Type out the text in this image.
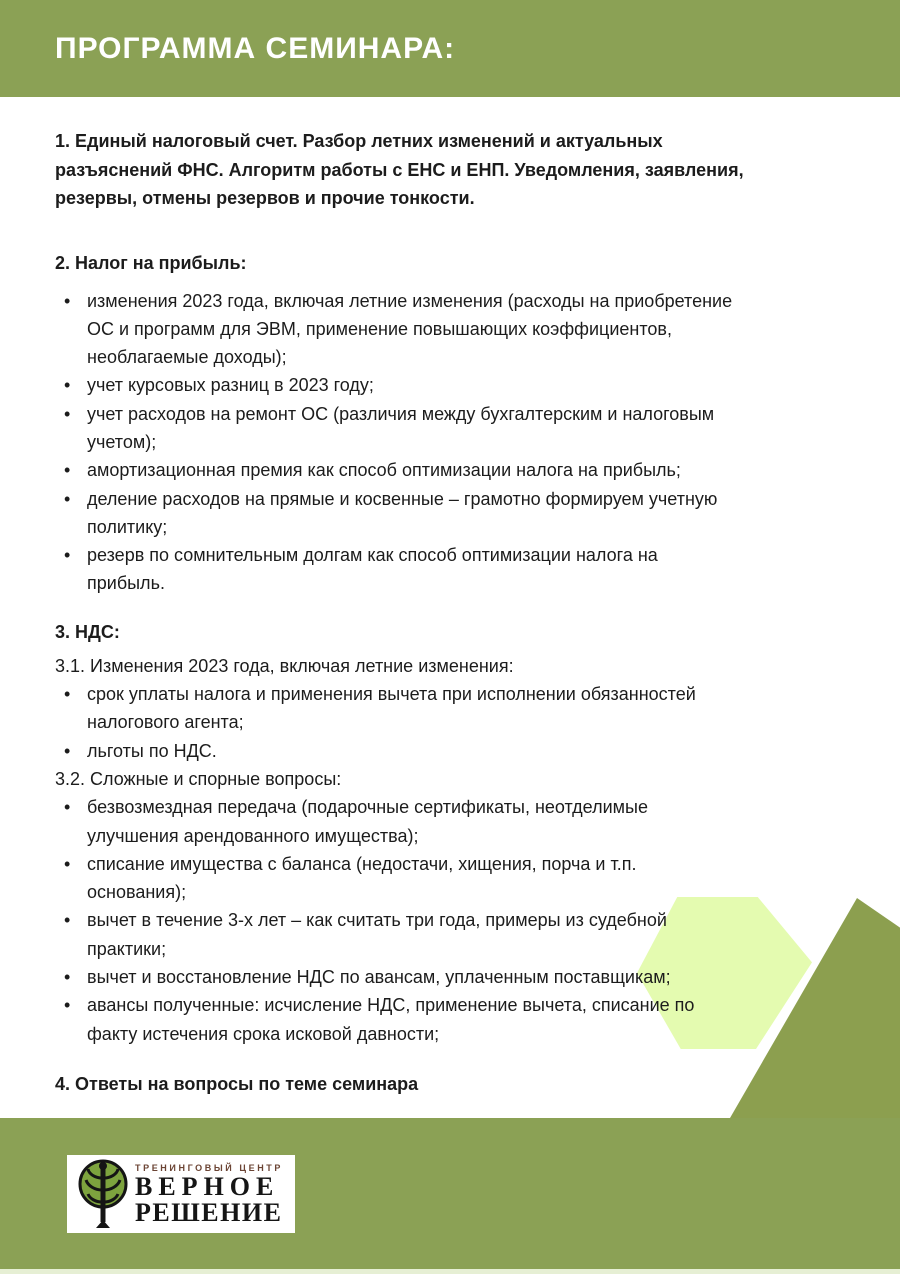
ПРОГРАММА СЕМИНАРА:

1. Единый налоговый счет. Разбор летних изменений и актуальных разъяснений ФНС. Алгоритм работы с ЕНС и ЕНП. Уведомления, заявления, резервы, отмены резервов и прочие тонкости.

2. Налог на прибыль:

• изменения 2023 года, включая летние изменения (расходы на приобретение ОС и программ для ЭВМ, применение повышающих коэффициентов, необлагаемые доходы);
• учет курсовых разниц в 2023 году;
• учет расходов на ремонт ОС (различия между бухгалтерским и налоговым учетом);
• амортизационная премия как способ оптимизации налога на прибыль;
• деление расходов на прямые и косвенные – грамотно формируем учетную политику;
• резерв по сомнительным долгам как способ оптимизации налога на прибыль.

3. НДС:

3.1. Изменения 2023 года, включая летние изменения:

• срок уплаты налога и применения вычета при исполнении обязанностей налогового агента;
• льготы по НДС.

3.2. Сложные и спорные вопросы:

• безвозмездная передача (подарочные сертификаты, неотделимые улучшения арендованного имущества);
• списание имущества с баланса (недостачи, хищения, порча и т.п. основания);
• вычет в течение 3-х лет – как считать три года, примеры из судебной практики;
• вычет и восстановление НДС по авансам, уплаченным поставщикам;
• авансы полученные: исчисление НДС, применение вычета, списание по факту истечения срока исковой давности;

4. Ответы на вопросы по теме семинара

ТРЕНИНГОВЫЙ ЦЕНТР
ВЕРНОЕ
РЕШЕНИЕ
